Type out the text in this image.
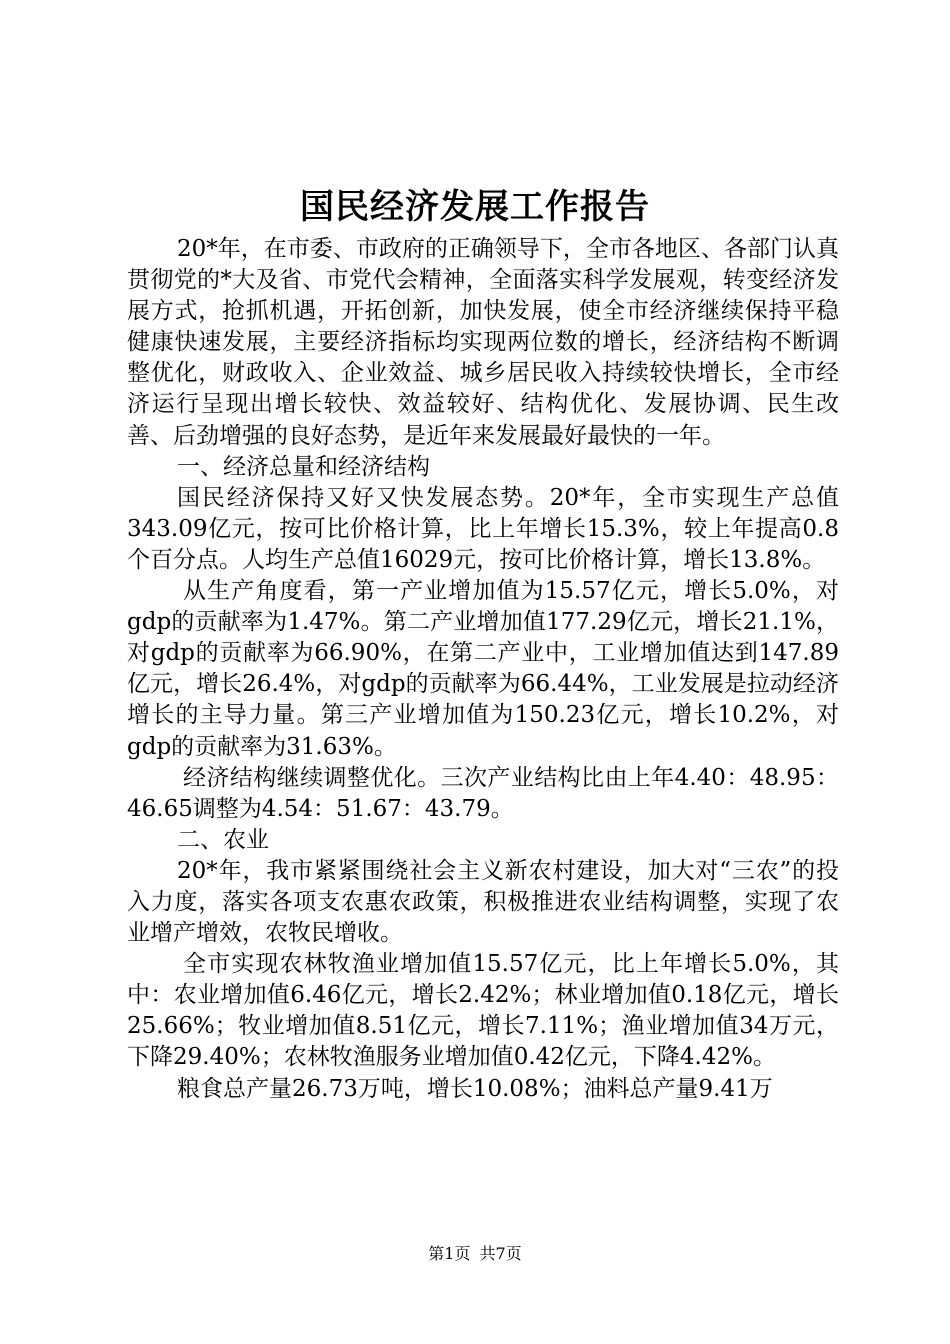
国民经济发展工作报告

20*年，在市委、市政府的正确领导下，全市各地区、各部门认真贯彻党的*大及省、市党代会精神，全面落实科学发展观，转变经济发展方式，抢抓机遇，开拓创新，加快发展，使全市经济继续保持平稳健康快速发展，主要经济指标均实现两位数的增长，经济结构不断调整优化，财政收入、企业效益、城乡居民收入持续较快增长，全市经济运行呈现出增长较快、效益较好、结构优化、发展协调、民生改善、后劲增强的良好态势，是近年来发展最好最快的一年。

一、经济总量和经济结构

国民经济保持又好又快发展态势。20*年，全市实现生产总值343.09亿元，按可比价格计算，比上年增长15.3%，较上年提高0.8个百分点。人均生产总值16029元，按可比价格计算，增长13.8%。

从生产角度看，第一产业增加值为15.57亿元，增长5.0%，对gdp的贡献率为1.47%。第二产业增加值177.29亿元，增长21.1%，对gdp的贡献率为66.90%，在第二产业中，工业增加值达到147.89亿元，增长26.4%，对gdp的贡献率为66.44%，工业发展是拉动经济增长的主导力量。第三产业增加值为150.23亿元，增长10.2%，对gdp的贡献率为31.63%。

经济结构继续调整优化。三次产业结构比由上年4.40：48.95：46.65调整为4.54：51.67：43.79。

二、农业

20*年，我市紧紧围绕社会主义新农村建设，加大对“三农”的投入力度，落实各项支农惠农政策，积极推进农业结构调整，实现了农业增产增效，农牧民增收。

全市实现农林牧渔业增加值15.57亿元，比上年增长5.0%，其中：农业增加值6.46亿元，增长2.42%；林业增加值0.18亿元，增长25.66%；牧业增加值8.51亿元，增长7.11%；渔业增加值34万元，下降29.40%；农林牧渔服务业增加值0.42亿元，下降4.42%。

粮食总产量26.73万吨，增长10.08%；油料总产量9.41万

第1页 共7页
